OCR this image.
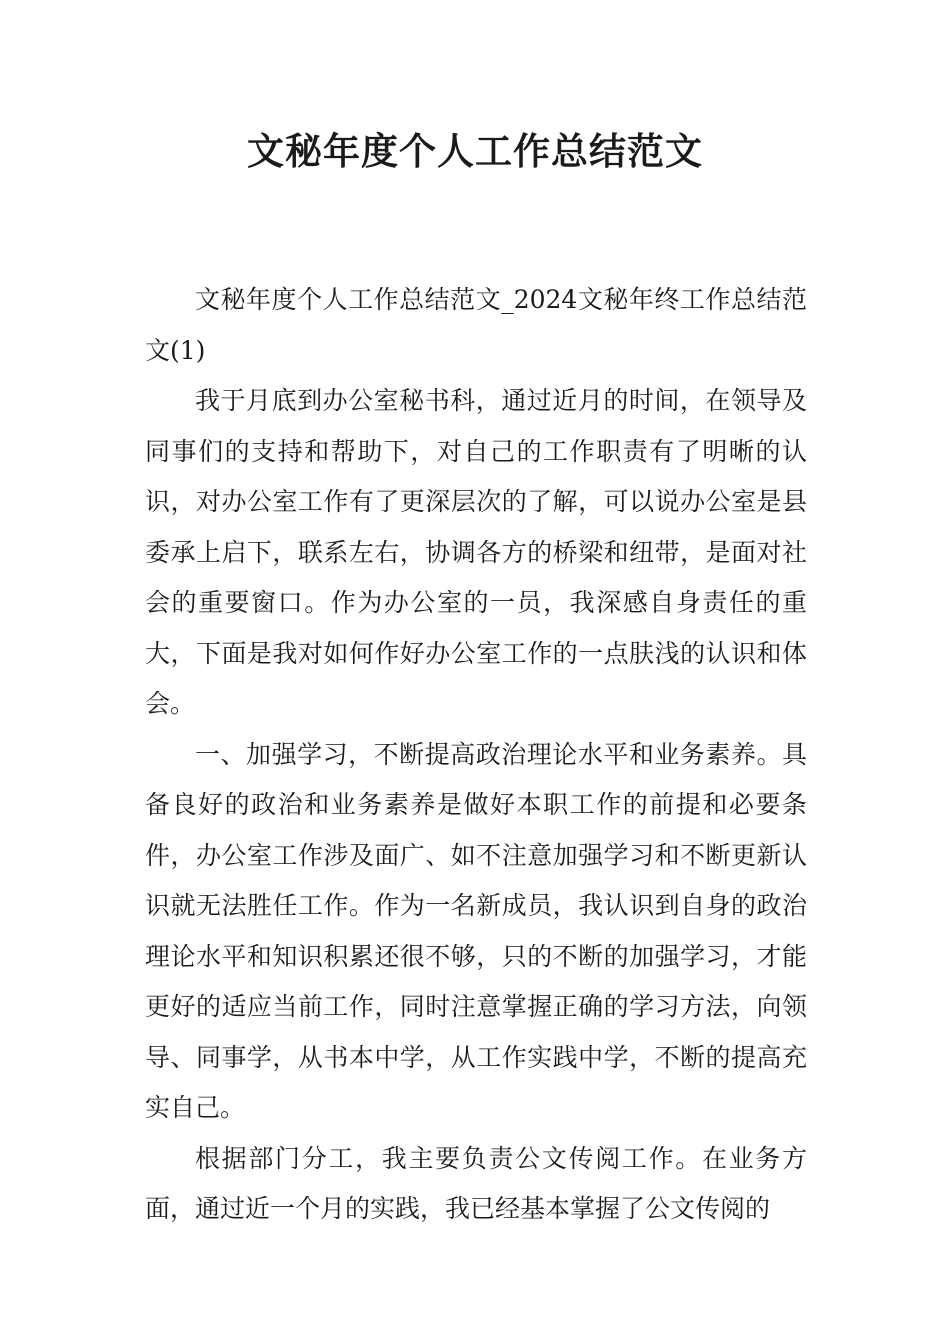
文秘年度个人工作总结范文

文秘年度个人工作总结范文_2024文秘年终工作总结范文(1)

我于月底到办公室秘书科，通过近月的时间，在领导及同事们的支持和帮助下，对自己的工作职责有了明晰的认识，对办公室工作有了更深层次的了解，可以说办公室是县委承上启下，联系左右，协调各方的桥梁和纽带，是面对社会的重要窗口。作为办公室的一员，我深感自身责任的重大，下面是我对如何作好办公室工作的一点肤浅的认识和体会。

一、加强学习，不断提高政治理论水平和业务素养。具备良好的政治和业务素养是做好本职工作的前提和必要条件，办公室工作涉及面广、如不注意加强学习和不断更新认识就无法胜任工作。作为一名新成员，我认识到自身的政治理论水平和知识积累还很不够，只的不断的加强学习，才能更好的适应当前工作，同时注意掌握正确的学习方法，向领导、同事学，从书本中学，从工作实践中学，不断的提高充实自己。

根据部门分工，我主要负责公文传阅工作。在业务方面，通过近一个月的实践，我已经基本掌握了公文传阅的
